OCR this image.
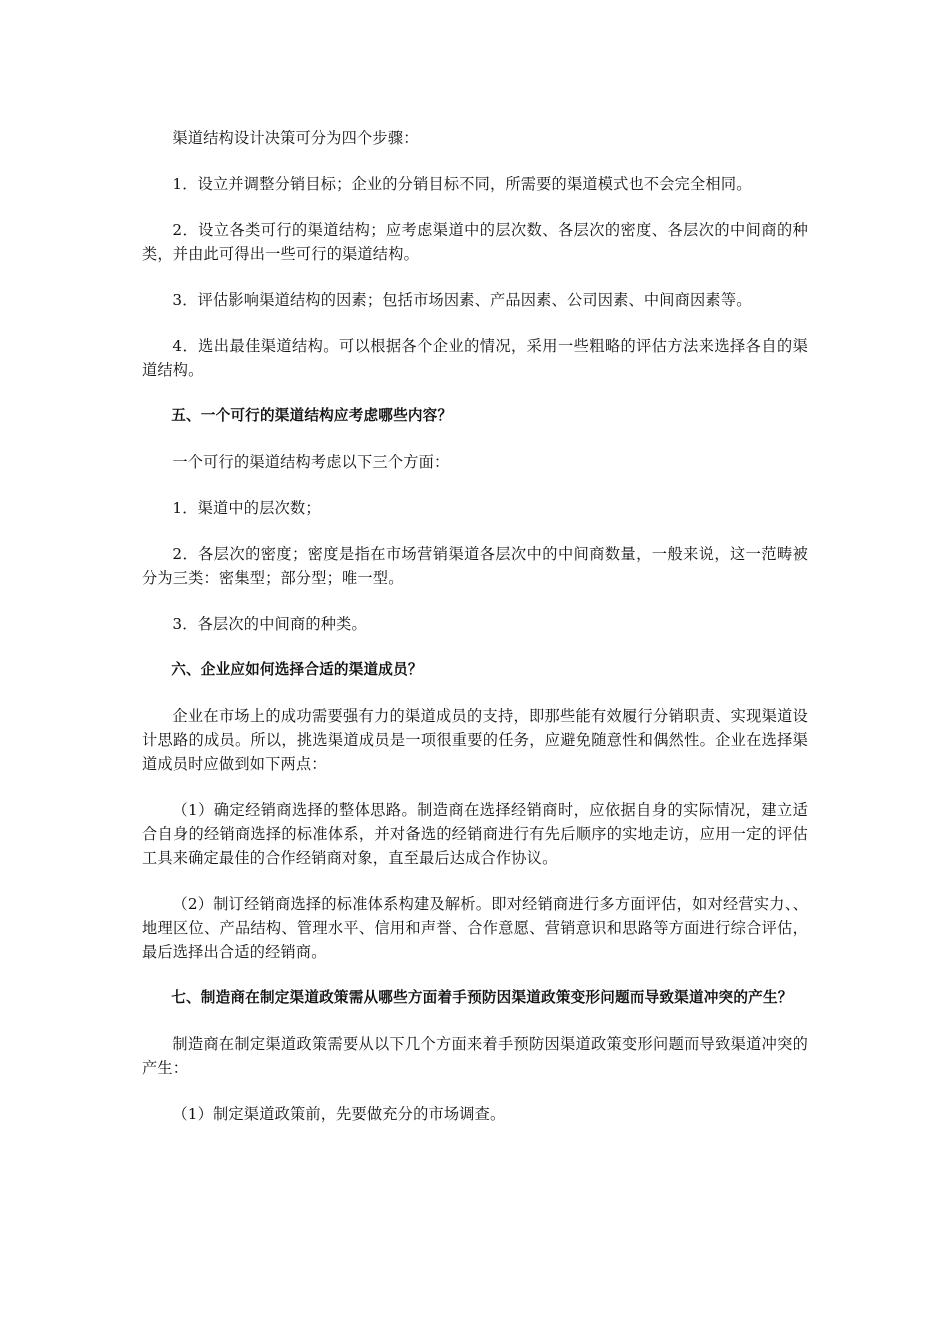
渠道结构设计决策可分为四个步骤：

1．设立并调整分销目标；企业的分销目标不同，所需要的渠道模式也不会完全相同。

2．设立各类可行的渠道结构；应考虑渠道中的层次数、各层次的密度、各层次的中间商的种类，并由此可得出一些可行的渠道结构。

3．评估影响渠道结构的因素；包括市场因素、产品因素、公司因素、中间商因素等。

4．选出最佳渠道结构。可以根据各个企业的情况，采用一些粗略的评估方法来选择各自的渠道结构。

五、一个可行的渠道结构应考虑哪些内容？

一个可行的渠道结构考虑以下三个方面：

1．渠道中的层次数；

2．各层次的密度；密度是指在市场营销渠道各层次中的中间商数量，一般来说，这一范畴被分为三类：密集型；部分型；唯一型。

3．各层次的中间商的种类。

六、企业应如何选择合适的渠道成员？

企业在市场上的成功需要强有力的渠道成员的支持，即那些能有效履行分销职责、实现渠道设计思路的成员。所以，挑选渠道成员是一项很重要的任务，应避免随意性和偶然性。企业在选择渠道成员时应做到如下两点：

（1）确定经销商选择的整体思路。制造商在选择经销商时，应依据自身的实际情况，建立适合自身的经销商选择的标准体系，并对备选的经销商进行有先后顺序的实地走访，应用一定的评估工具来确定最佳的合作经销商对象，直至最后达成合作协议。

（2）制订经销商选择的标准体系构建及解析。即对经销商进行多方面评估，如对经营实力、、地理区位、产品结构、管理水平、信用和声誉、合作意愿、营销意识和思路等方面进行综合评估，最后选择出合适的经销商。

七、制造商在制定渠道政策需从哪些方面着手预防因渠道政策变形问题而导致渠道冲突的产生？

制造商在制定渠道政策需要从以下几个方面来着手预防因渠道政策变形问题而导致渠道冲突的产生：

（1）制定渠道政策前，先要做充分的市场调查。
